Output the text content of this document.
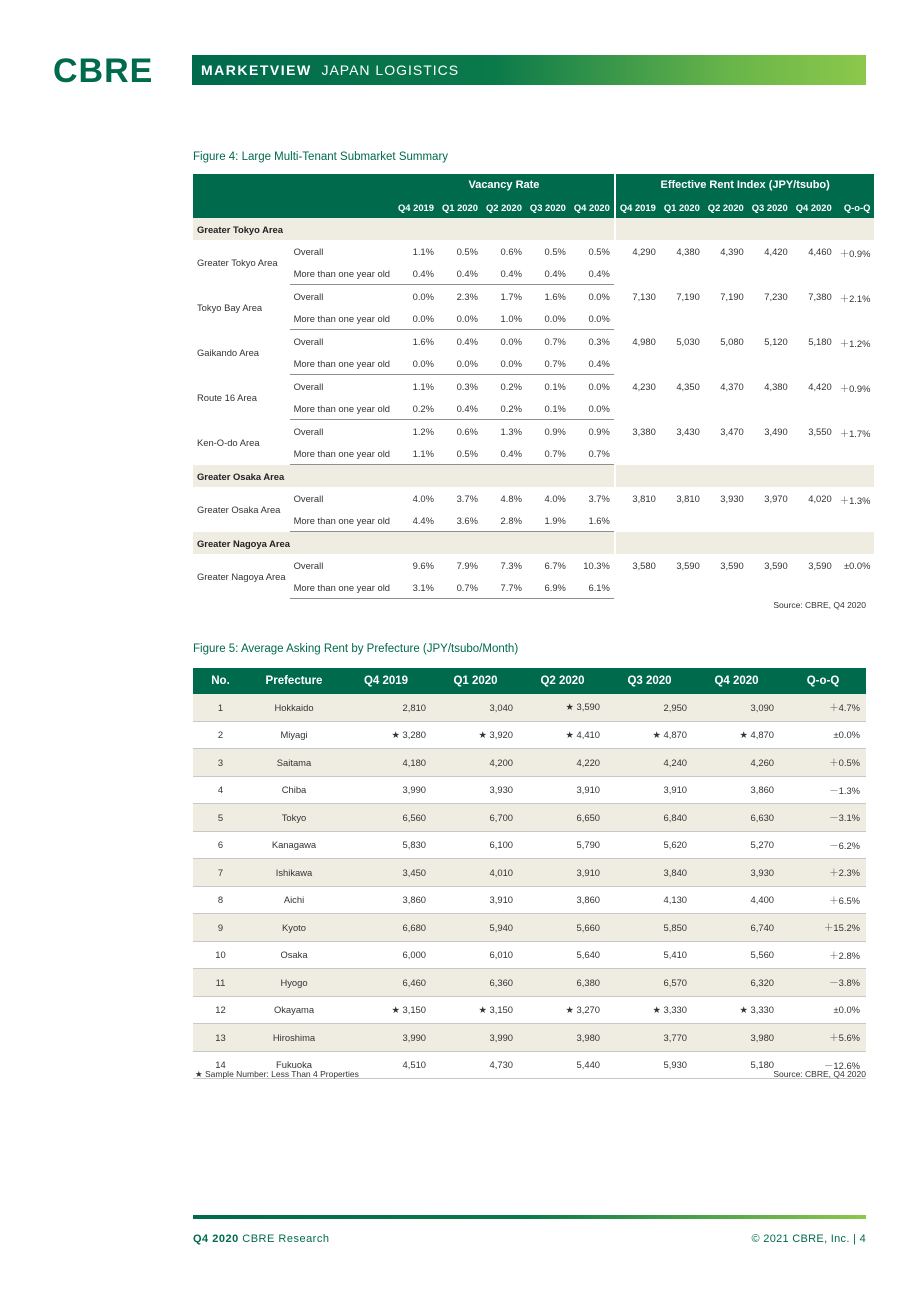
CBRE	MARKETVIEW JAPAN LOGISTICS
Figure 4: Large Multi-Tenant Submarket Summary
		Vacancy Rate					Effective Rent Index (JPY/tsubo)					
		Q4 2019	Q1 2020	Q2 2020	Q3 2020	Q4 2020	Q4 2019	Q1 2020	Q2 2020	Q3 2020	Q4 2020	Q-o-Q
Greater Tokyo Area												
Greater Tokyo Area	Overall	1.1%	0.5%	0.6%	0.5%	0.5%	4,290	4,380	4,390	4,420	4,460	＋0.9%
	More than one year old	0.4%	0.4%	0.4%	0.4%	0.4%						
Tokyo Bay Area	Overall	0.0%	2.3%	1.7%	1.6%	0.0%	7,130	7,190	7,190	7,230	7,380	＋2.1%
	More than one year old	0.0%	0.0%	1.0%	0.0%	0.0%						
Gaikando Area	Overall	1.6%	0.4%	0.0%	0.7%	0.3%	4,980	5,030	5,080	5,120	5,180	＋1.2%
	More than one year old	0.0%	0.0%	0.0%	0.7%	0.4%						
Route 16 Area	Overall	1.1%	0.3%	0.2%	0.1%	0.0%	4,230	4,350	4,370	4,380	4,420	＋0.9%
	More than one year old	0.2%	0.4%	0.2%	0.1%	0.0%						
Ken-O-do Area	Overall	1.2%	0.6%	1.3%	0.9%	0.9%	3,380	3,430	3,470	3,490	3,550	＋1.7%
	More than one year old	1.1%	0.5%	0.4%	0.7%	0.7%						
Greater Osaka Area												
Greater Osaka Area	Overall	4.0%	3.7%	4.8%	4.0%	3.7%	3,810	3,810	3,930	3,970	4,020	＋1.3%
	More than one year old	4.4%	3.6%	2.8%	1.9%	1.6%						
Greater Nagoya Area												
Greater Nagoya Area	Overall	9.6%	7.9%	7.3%	6.7%	10.3%	3,580	3,590	3,590	3,590	3,590	±0.0%
	More than one year old	3.1%	0.7%	7.7%	6.9%	6.1%						
Source: CBRE, Q4 2020
Figure 5: Average Asking Rent by Prefecture (JPY/tsubo/Month)
No.	Prefecture	Q4 2019	Q1 2020	Q2 2020	Q3 2020	Q4 2020	Q-o-Q
1	Hokkaido	2,810	3,040	★ 3,590	2,950	3,090	＋4.7%
2	Miyagi	★ 3,280	★ 3,920	★ 4,410	★ 4,870	★ 4,870	±0.0%
3	Saitama	4,180	4,200	4,220	4,240	4,260	＋0.5%
4	Chiba	3,990	3,930	3,910	3,910	3,860	－1.3%
5	Tokyo	6,560	6,700	6,650	6,840	6,630	－3.1%
6	Kanagawa	5,830	6,100	5,790	5,620	5,270	－6.2%
7	Ishikawa	3,450	4,010	3,910	3,840	3,930	＋2.3%
8	Aichi	3,860	3,910	3,860	4,130	4,400	＋6.5%
9	Kyoto	6,680	5,940	5,660	5,850	6,740	＋15.2%
10	Osaka	6,000	6,010	5,640	5,410	5,560	＋2.8%
11	Hyogo	6,460	6,360	6,380	6,570	6,320	－3.8%
12	Okayama	★ 3,150	★ 3,150	★ 3,270	★ 3,330	★ 3,330	±0.0%
13	Hiroshima	3,990	3,990	3,980	3,770	3,980	＋5.6%
14	Fukuoka	4,510	4,730	5,440	5,930	5,180	－12.6%
★ Sample Number: Less Than 4 Properties	Source: CBRE, Q4 2020
Q4 2020 CBRE Research	© 2021 CBRE, Inc. | 4
